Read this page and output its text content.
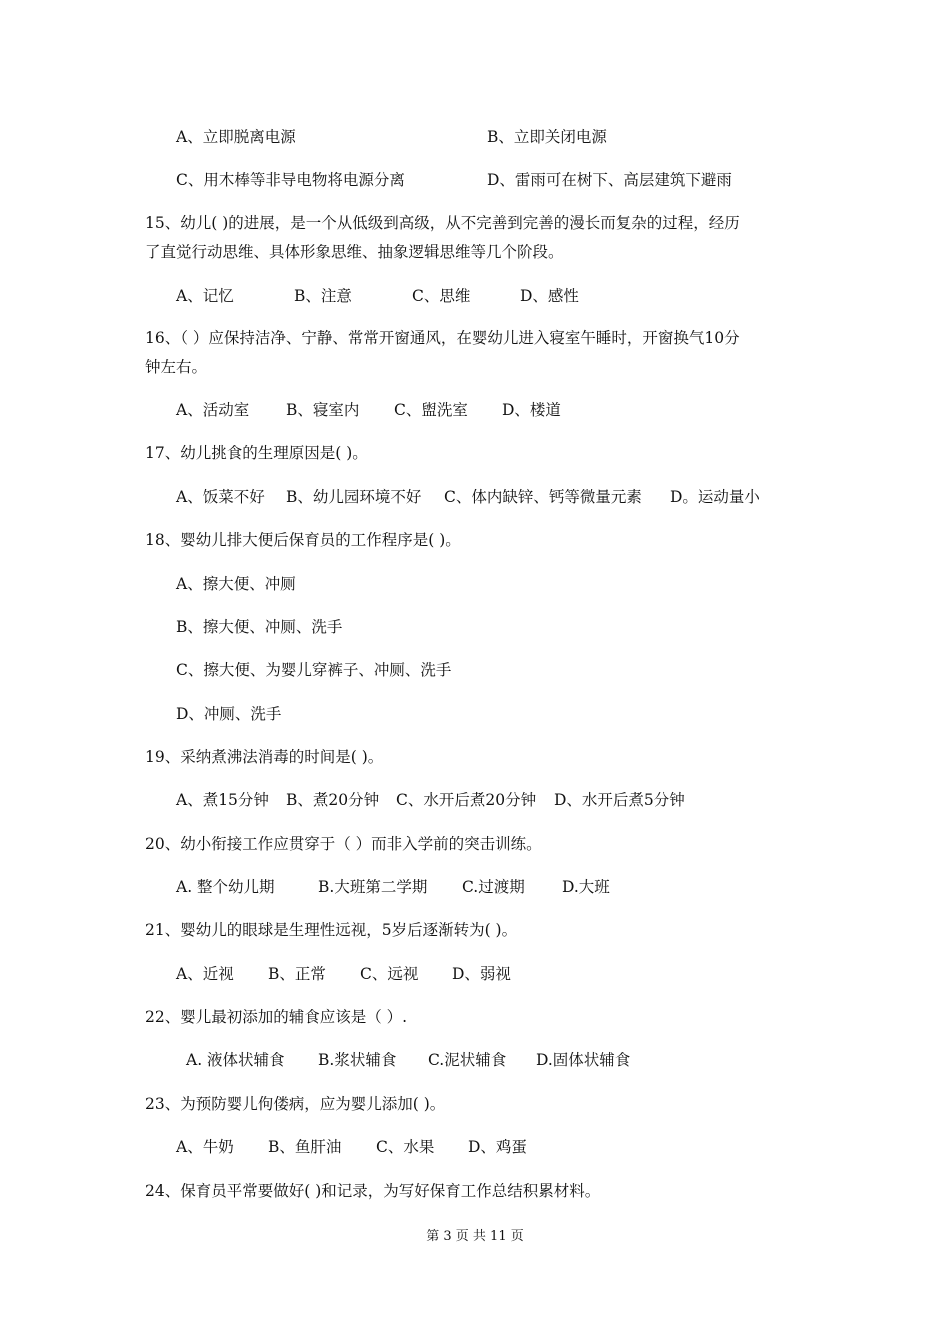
A、立即脱离电源	B、立即关闭电源
C、用木棒等非导电物将电源分离	D、雷雨可在树下、高层建筑下避雨
15、幼儿( )的进展，是一个从低级到高级，从不完善到完善的漫长而复杂的过程，经历
了直觉行动思维、具体形象思维、抽象逻辑思维等几个阶段。
A、记忆	B、注意	C、思维	D、感性
16、（ ）应保持洁净、宁静、常常开窗通风，在婴幼儿进入寝室午睡时，开窗换气10分
钟左右。
A、活动室 B、寝室内 C、盥洗室 D、楼道
17、幼儿挑食的生理原因是( )。
A、饭菜不好 B、幼儿园环境不好 C、体内缺锌、钙等微量元素 D。运动量小
18、婴幼儿排大便后保育员的工作程序是( )。
A、擦大便、冲厕
B、擦大便、冲厕、洗手
C、擦大便、为婴儿穿裤子、冲厕、洗手
D、冲厕、洗手
19、采纳煮沸法消毒的时间是( )。
A、煮15分钟 B、煮20分钟 C、水开后煮20分钟 D、水开后煮5分钟
20、幼小衔接工作应贯穿于（ ）而非入学前的突击训练。
A. 整个幼儿期	B.大班第二学期 C.过渡期 D.大班
21、婴幼儿的眼球是生理性远视，5岁后逐渐转为( )。
A、近视 B、正常 C、远视 D、弱视
22、婴儿最初添加的辅食应该是（ ）.
A. 液体状辅食 B.浆状辅食 C.泥状辅食 D.固体状辅食
23、为预防婴儿佝偻病，应为婴儿添加( )。
A、牛奶 B、鱼肝油 C、水果 D、鸡蛋
24、保育员平常要做好( )和记录，为写好保育工作总结积累材料。
第 3 页 共 11 页
